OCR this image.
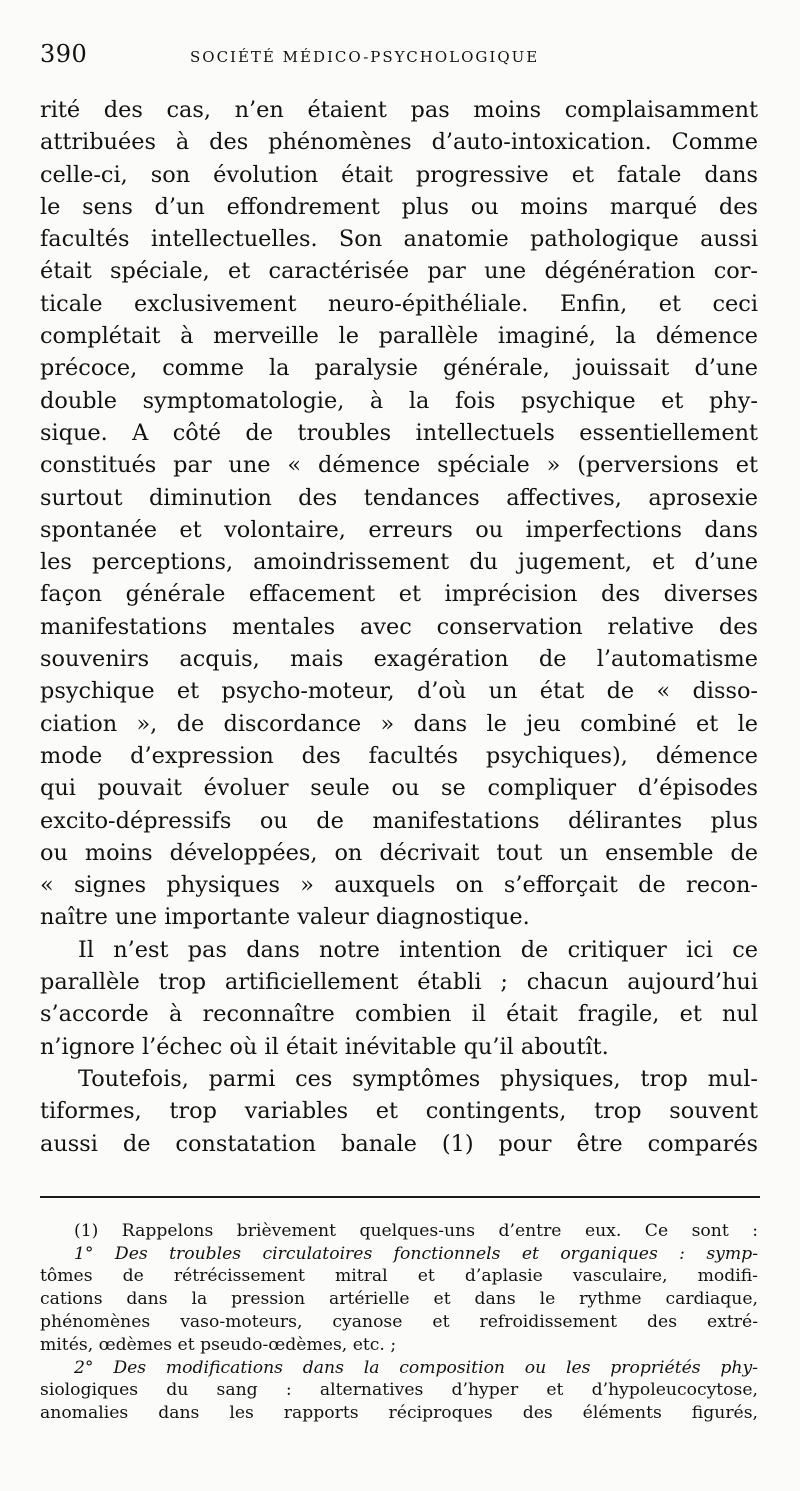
390	SOCIÉTÉ MÉDICO-PSYCHOLOGIQUE

rité des cas, n’en étaient pas moins complaisamment
attribuées à des phénomènes d’auto-intoxication. Comme
celle-ci, son évolution était progressive et fatale dans
le sens d’un effondrement plus ou moins marqué des
facultés intellectuelles. Son anatomie pathologique aussi
était spéciale, et caractérisée par une dégénération cor-
ticale exclusivement neuro-épithéliale. Enfin, et ceci
complétait à merveille le parallèle imaginé, la démence
précoce, comme la paralysie générale, jouissait d’une
double symptomatologie, à la fois psychique et phy-
sique. A côté de troubles intellectuels essentiellement
constitués par une « démence spéciale » (perversions et
surtout diminution des tendances affectives, aprosexie
spontanée et volontaire, erreurs ou imperfections dans
les perceptions, amoindrissement du jugement, et d’une
façon générale effacement et imprécision des diverses
manifestations mentales avec conservation relative des
souvenirs acquis, mais exagération de l’automatisme
psychique et psycho-moteur, d’où un état de « disso-
ciation », de discordance » dans le jeu combiné et le
mode d’expression des facultés psychiques), démence
qui pouvait évoluer seule ou se compliquer d’épisodes
excito-dépressifs ou de manifestations délirantes plus
ou moins développées, on décrivait tout un ensemble de
« signes physiques » auxquels on s’efforçait de recon-
naître une importante valeur diagnostique.

Il n’est pas dans notre intention de critiquer ici ce
parallèle trop artificiellement établi ; chacun aujourd’hui
s’accorde à reconnaître combien il était fragile, et nul
n’ignore l’échec où il était inévitable qu’il aboutît.

Toutefois, parmi ces symptômes physiques, trop mul-
tiformes, trop variables et contingents, trop souvent
aussi de constatation banale (1) pour être comparés

(1) Rappelons brièvement quelques-uns d’entre eux. Ce sont :
1° Des troubles circulatoires fonctionnels et organiques : symp-
tômes de rétrécissement mitral et d’aplasie vasculaire, modifi-
cations dans la pression artérielle et dans le rythme cardiaque,
phénomènes vaso-moteurs, cyanose et refroidissement des extré-
mités, œdèmes et pseudo-œdèmes, etc. ;
2° Des modifications dans la composition ou les propriétés phy-
siologiques du sang : alternatives d’hyper et d’hypoleucocytose,
anomalies dans les rapports réciproques des éléments figurés,
